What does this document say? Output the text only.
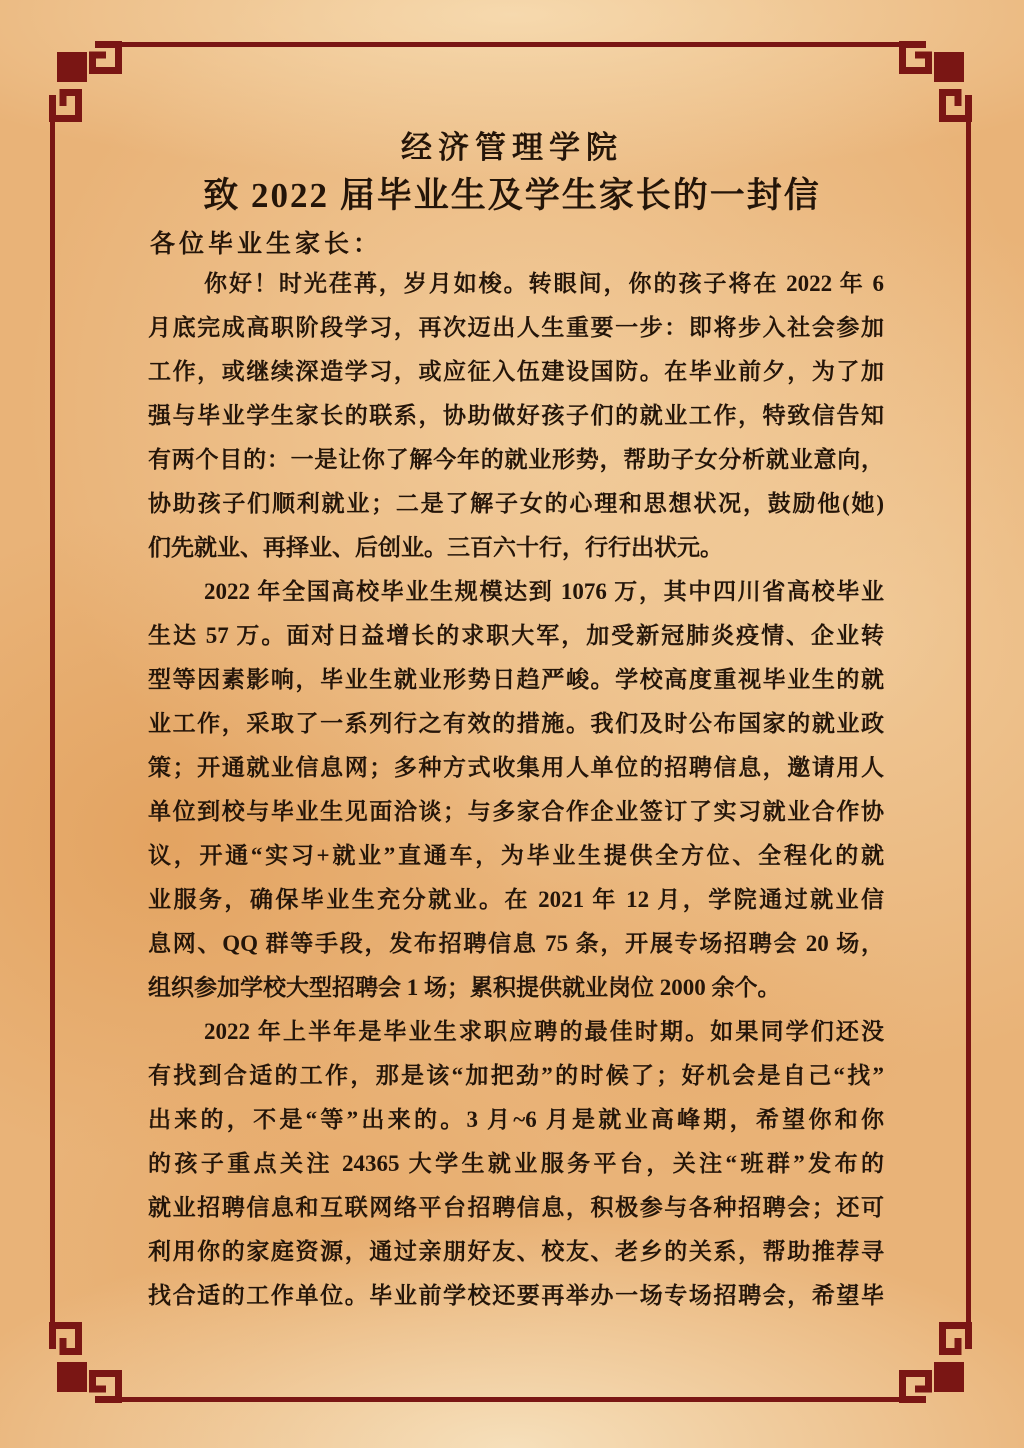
经济管理学院
致 2022 届毕业生及学生家长的一封信
各位毕业生家长：
你好！时光荏苒，岁月如梭。转眼间，你的孩子将在 2022 年 6
月底完成高职阶段学习，再次迈出人生重要一步：即将步入社会参加
工作，或继续深造学习，或应征入伍建设国防。在毕业前夕，为了加
强与毕业学生家长的联系，协助做好孩子们的就业工作，特致信告知
有两个目的：一是让你了解今年的就业形势，帮助子女分析就业意向，
协助孩子们顺利就业；二是了解子女的心理和思想状况，鼓励他(她)
们先就业、再择业、后创业。三百六十行，行行出状元。
2022 年全国高校毕业生规模达到 1076 万，其中四川省高校毕业
生达 57 万。面对日益增长的求职大军，加受新冠肺炎疫情、企业转
型等因素影响，毕业生就业形势日趋严峻。学校高度重视毕业生的就
业工作，采取了一系列行之有效的措施。我们及时公布国家的就业政
策；开通就业信息网；多种方式收集用人单位的招聘信息，邀请用人
单位到校与毕业生见面洽谈；与多家合作企业签订了实习就业合作协
议，开通“实习+就业”直通车，为毕业生提供全方位、全程化的就
业服务，确保毕业生充分就业。在 2021 年 12 月，学院通过就业信
息网、QQ 群等手段，发布招聘信息 75 条，开展专场招聘会 20 场，
组织参加学校大型招聘会 1 场；累积提供就业岗位 2000 余个。
2022 年上半年是毕业生求职应聘的最佳时期。如果同学们还没
有找到合适的工作，那是该“加把劲”的时候了；好机会是自己“找”
出来的，不是“等”出来的。3 月~6 月是就业高峰期，希望你和你
的孩子重点关注 24365 大学生就业服务平台，关注“班群”发布的
就业招聘信息和互联网络平台招聘信息，积极参与各种招聘会；还可
利用你的家庭资源，通过亲朋好友、校友、老乡的关系，帮助推荐寻
找合适的工作单位。毕业前学校还要再举办一场专场招聘会，希望毕
